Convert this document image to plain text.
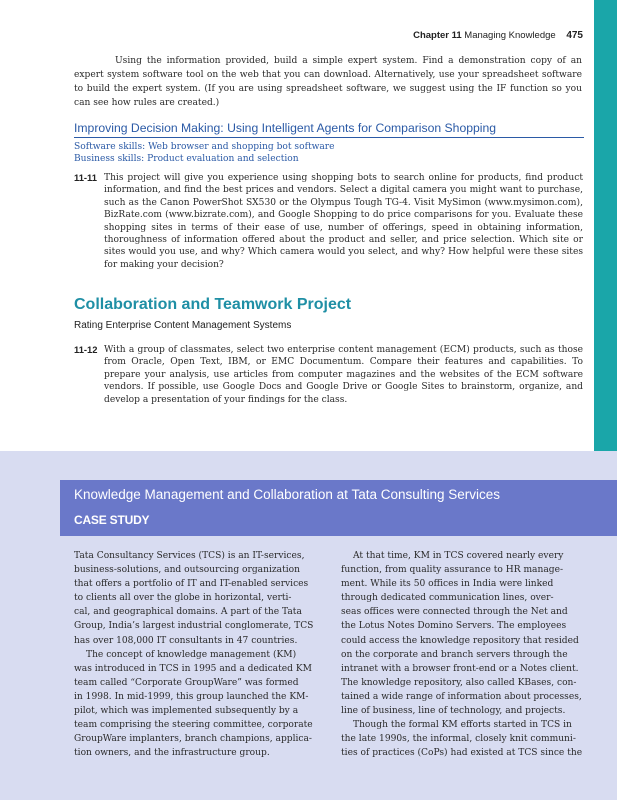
Chapter 11 Managing Knowledge 475
Using the information provided, build a simple expert system. Find a demonstration copy of an expert system software tool on the web that you can download. Alternatively, use your spreadsheet software to build the expert system. (If you are using spreadsheet software, we suggest using the IF function so you can see how rules are created.)
Improving Decision Making: Using Intelligent Agents for Comparison Shopping
Software skills: Web browser and shopping bot software
Business skills: Product evaluation and selection
11-11 This project will give you experience using shopping bots to search online for products, find product information, and find the best prices and vendors. Select a digital camera you might want to purchase, such as the Canon PowerShot SX530 or the Olympus Tough TG-4. Visit MySimon (www.mysimon.com), BizRate.com (www.bizrate.com), and Google Shopping to do price comparisons for you. Evaluate these shopping sites in terms of their ease of use, number of offerings, speed in obtaining information, thoroughness of information offered about the product and seller, and price selection. Which site or sites would you use, and why? Which camera would you select, and why? How helpful were these sites for making your decision?
Collaboration and Teamwork Project
Rating Enterprise Content Management Systems
11-12 With a group of classmates, select two enterprise content management (ECM) products, such as those from Oracle, Open Text, IBM, or EMC Documentum. Compare their features and capabilities. To prepare your analysis, use articles from computer magazines and the websites of the ECM software vendors. If possible, use Google Docs and Google Drive or Google Sites to brainstorm, organize, and develop a presentation of your findings for the class.
Knowledge Management and Collaboration at Tata Consulting Services
CASE STUDY
Tata Consultancy Services (TCS) is an IT-services,
business-solutions, and outsourcing organization
that offers a portfolio of IT and IT-enabled services
to clients all over the globe in horizontal, verti-
cal, and geographical domains. A part of the Tata
Group, India’s largest industrial conglomerate, TCS
has over 108,000 IT consultants in 47 countries.
The concept of knowledge management (KM)
was introduced in TCS in 1995 and a dedicated KM
team called “Corporate GroupWare” was formed
in 1998. In mid-1999, this group launched the KM-
pilot, which was implemented subsequently by a
team comprising the steering committee, corporate
GroupWare implanters, branch champions, applica-
tion owners, and the infrastructure group.
At that time, KM in TCS covered nearly every
function, from quality assurance to HR manage-
ment. While its 50 offices in India were linked
through dedicated communication lines, over-
seas offices were connected through the Net and
the Lotus Notes Domino Servers. The employees
could access the knowledge repository that resided
on the corporate and branch servers through the
intranet with a browser front-end or a Notes client.
The knowledge repository, also called KBases, con-
tained a wide range of information about processes,
line of business, line of technology, and projects.
Though the formal KM efforts started in TCS in
the late 1990s, the informal, closely knit communi-
ties of practices (CoPs) had existed at TCS since the
